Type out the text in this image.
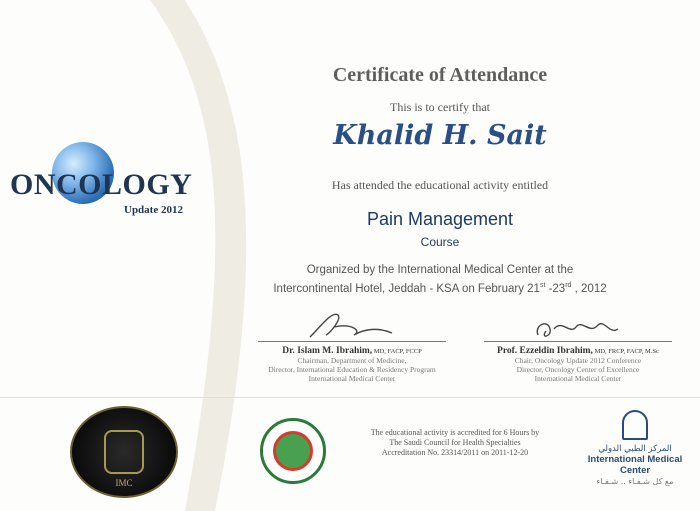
ONCOLOGY
Update 2012
Certificate of Attendance
This is to certify that
Khalid H. Sait
Has attended the educational activity entitled
Pain Management
Course
Organized by the International Medical Center at the
Intercontinental Hotel, Jeddah - KSA on February 21st -23rd , 2012
Dr. Islam M. Ibrahim, MD, FACP, FCCP
Chairman, Department of Medicine,
Director, International Education & Residency Program
International Medical Center
Prof. Ezzeldin Ibrahim, MD, FRCP, FACP, M.Sc
Chair, Oncology Update 2012 Conference
Director, Oncology Center of Excellence
International Medical Center
IMC
The educational activity is accredited for 6 Hours by
The Saudi Council for Health Specialties
Accreditation No. 23314/2011 on 2011-12-20	المركز الطبي الدولي
International Medical Center
مع كل شـفـاء .. شـفـاء
